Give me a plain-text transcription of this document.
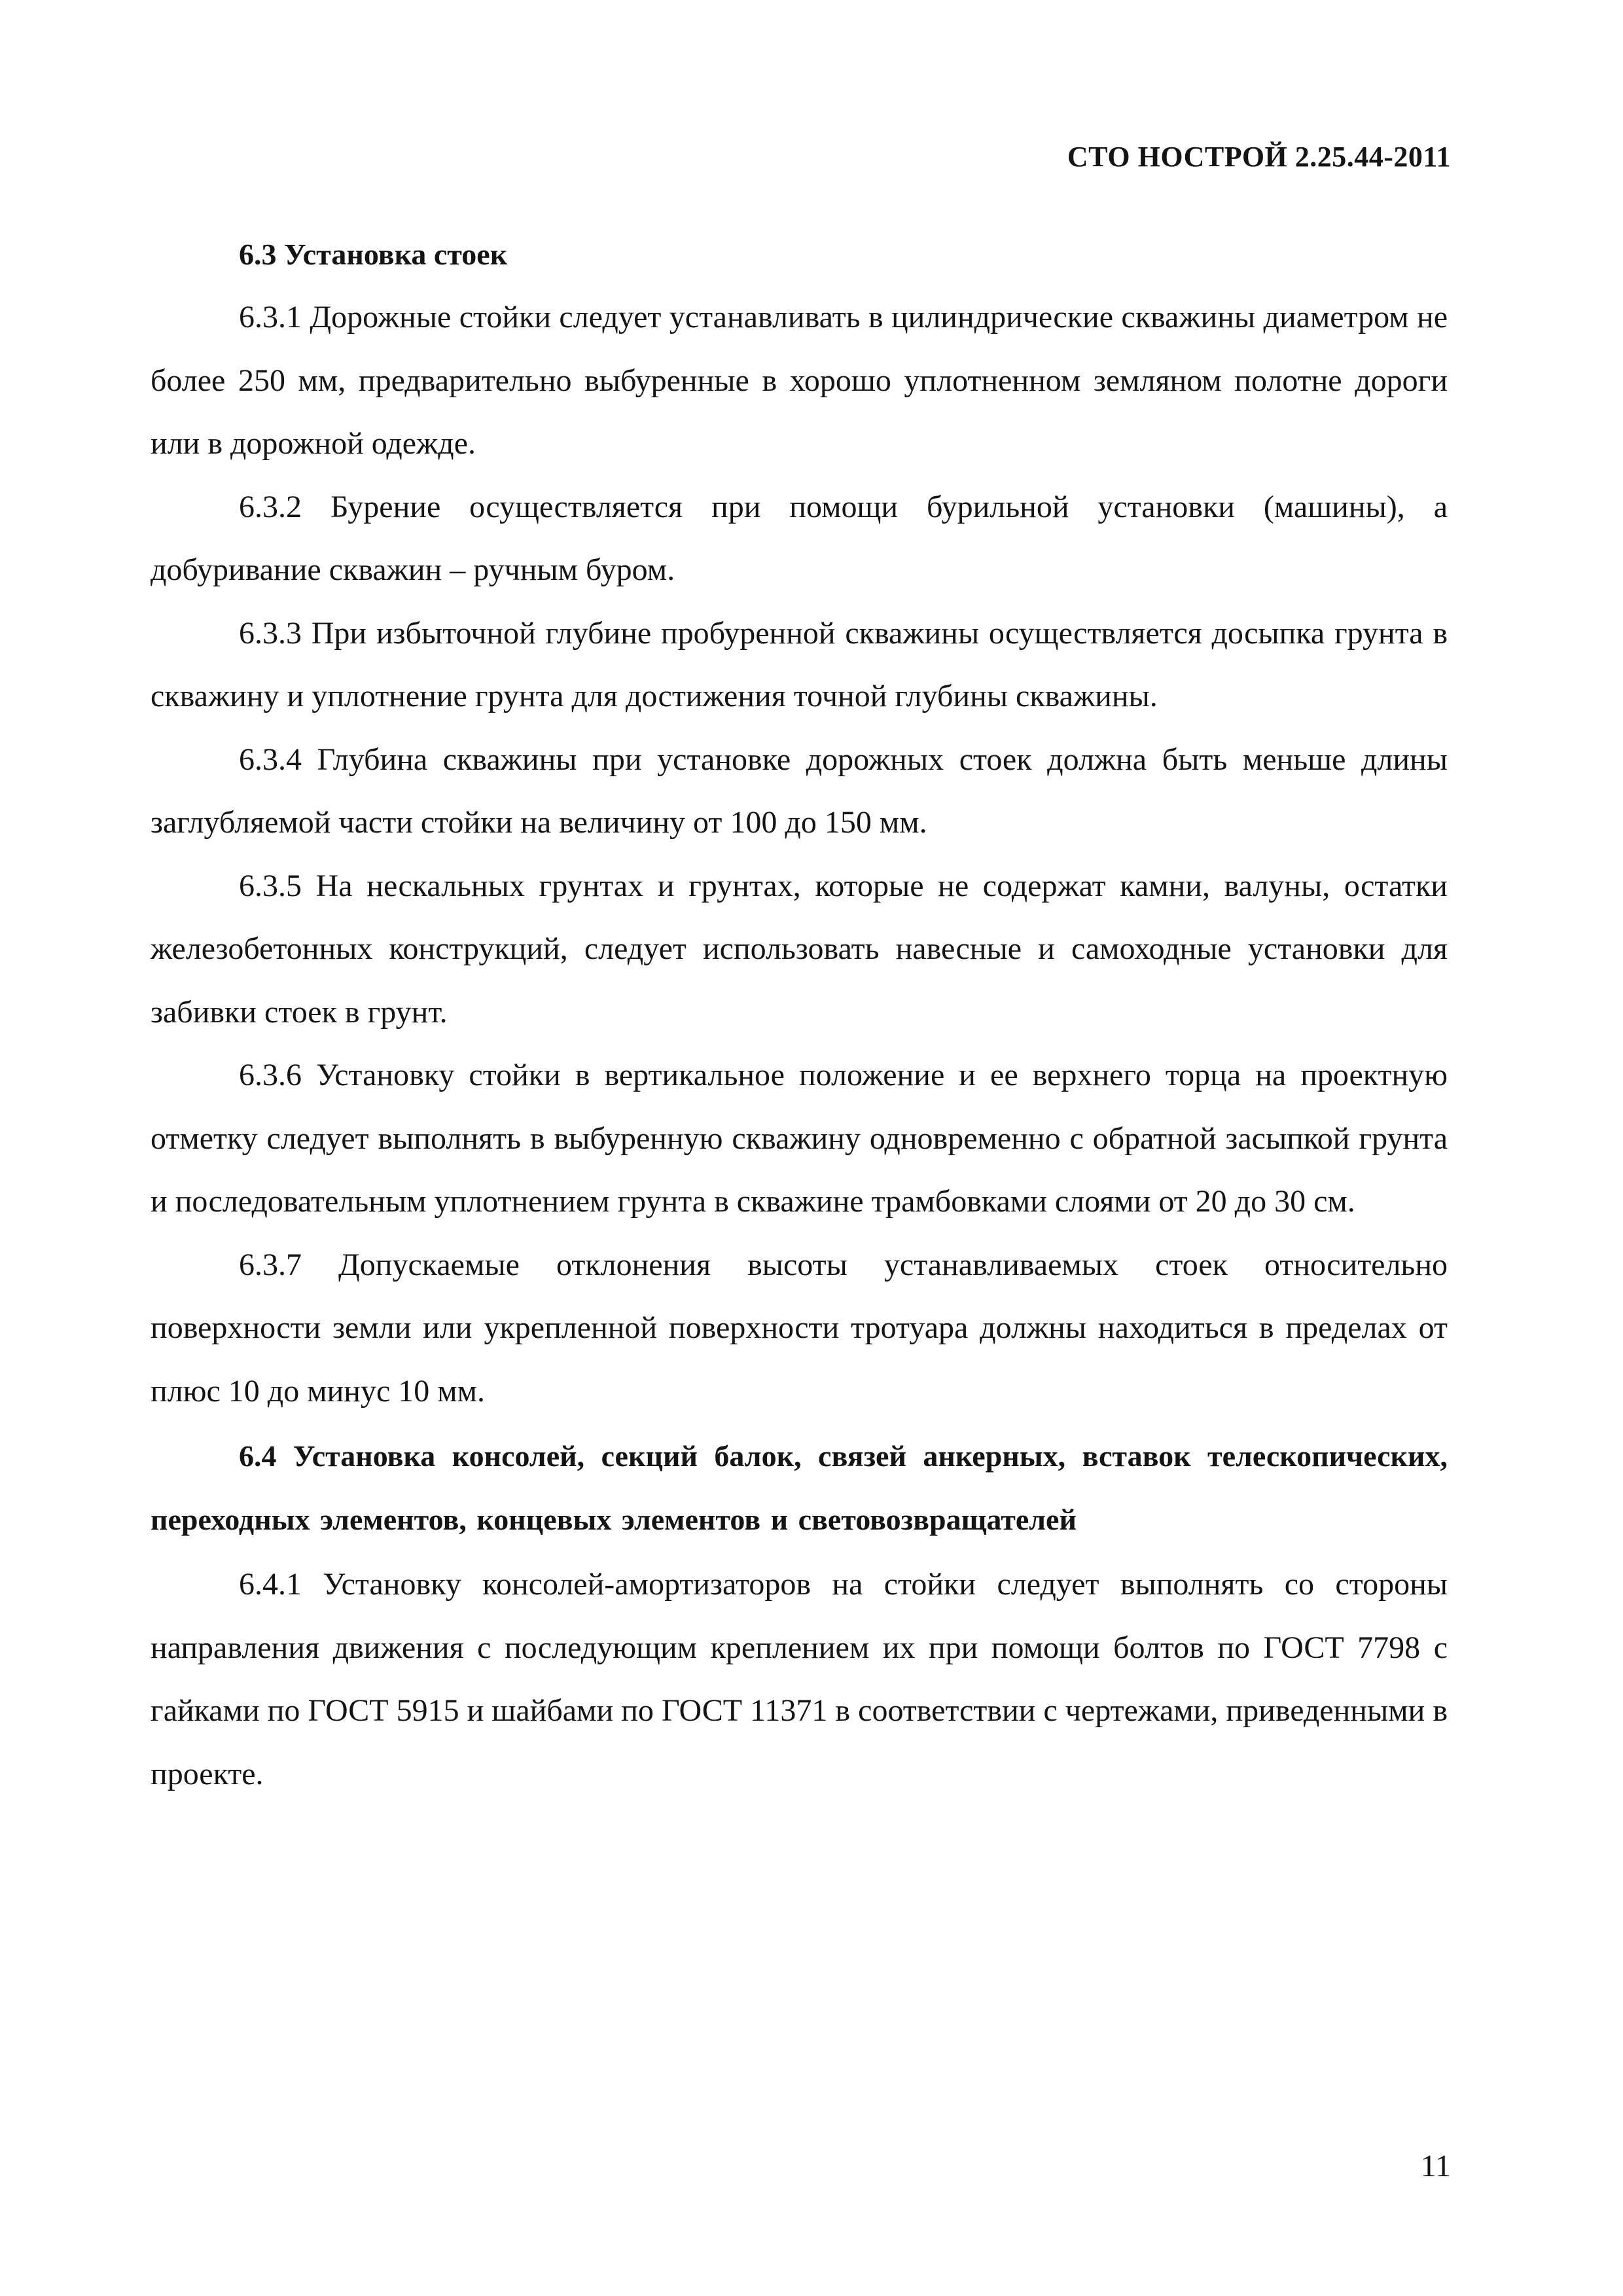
СТО НОСТРОЙ 2.25.44-2011

6.3 Установка стоек

6.3.1 Дорожные стойки следует устанавливать в цилиндрические скважины диаметром не более 250 мм, предварительно выбуренные в хорошо уплотненном земляном полотне дороги или в дорожной одежде.

6.3.2 Бурение осуществляется при помощи бурильной установки (машины), а добуривание скважин – ручным буром.

6.3.3 При избыточной глубине пробуренной скважины осуществляется досыпка грунта в скважину и уплотнение грунта для достижения точной глубины скважины.

6.3.4 Глубина скважины при установке дорожных стоек должна быть меньше длины заглубляемой части стойки на величину от 100 до 150 мм.

6.3.5 На нескальных грунтах и грунтах, которые не содержат камни, валуны, остатки железобетонных конструкций, следует использовать навесные и самоходные установки для забивки стоек в грунт.

6.3.6 Установку стойки в вертикальное положение и ее верхнего торца на проектную отметку следует выполнять в выбуренную скважину одновременно с обратной засыпкой грунта и последовательным уплотнением грунта в скважине трамбовками слоями от 20 до 30 см.

6.3.7 Допускаемые отклонения высоты устанавливаемых стоек относительно поверхности земли или укрепленной поверхности тротуара должны находиться в пределах от плюс 10 до минус 10 мм.

6.4 Установка консолей, секций балок, связей анкерных, вставок телескопических, переходных элементов, концевых элементов и световозвращателей

6.4.1 Установку консолей-амортизаторов на стойки следует выполнять со стороны направления движения с последующим креплением их при помощи болтов по ГОСТ 7798 с гайками по ГОСТ 5915 и шайбами по ГОСТ 11371 в соответствии с чертежами, приведенными в проекте.

11
